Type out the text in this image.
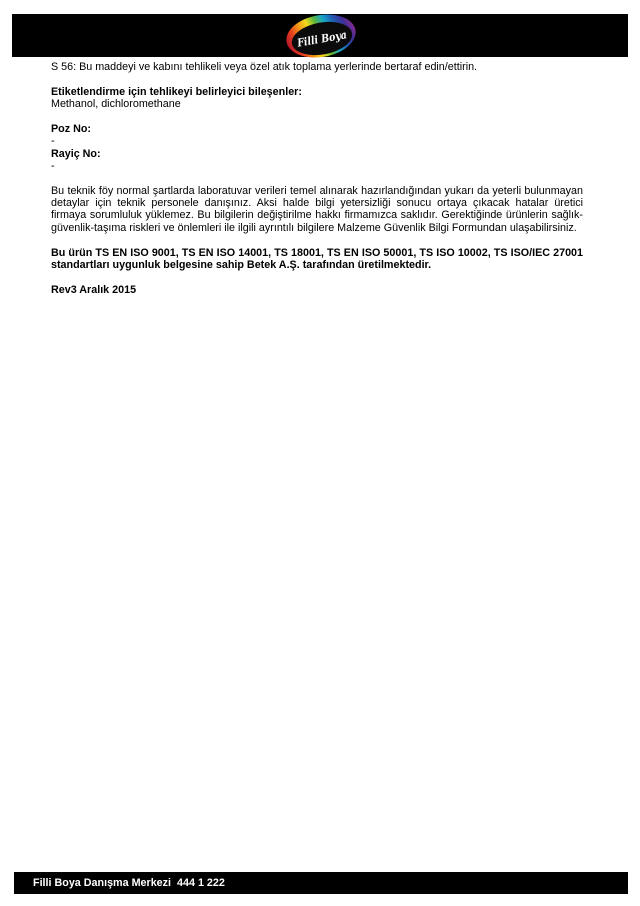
Filli Boya

S 56: Bu maddeyi ve kabını tehlikeli veya özel atık toplama yerlerinde bertaraf edin/ettirin.

Etiketlendirme için tehlikeyi belirleyici bileşenler:

Methanol, dichloromethane

Poz No:

-

Rayiç No:

-

Bu teknik föy normal şartlarda laboratuvar verileri temel alınarak hazırlandığından yukarı da yeterli bulunmayan

detaylar için teknik personele danışınız. Aksi halde bilgi yetersizliği sonucu ortaya çıkacak hatalar üretici

firmaya sorumluluk yüklemez. Bu bilgilerin değiştirilme hakkı firmamızca saklıdır. Gerektiğinde ürünlerin sağlık-

güvenlik-taşıma riskleri ve önlemleri ile ilgili ayrıntılı bilgilere Malzeme Güvenlik Bilgi Formundan ulaşabilirsiniz.

Bu ürün TS EN ISO 9001, TS EN ISO 14001, TS 18001, TS EN ISO 50001, TS ISO 10002, TS ISO/IEC 27001

standartları uygunluk belgesine sahip Betek A.Ş. tarafından üretilmektedir.

Rev3 Aralık 2015

Filli Boya Danışma Merkezi 444 1 222
